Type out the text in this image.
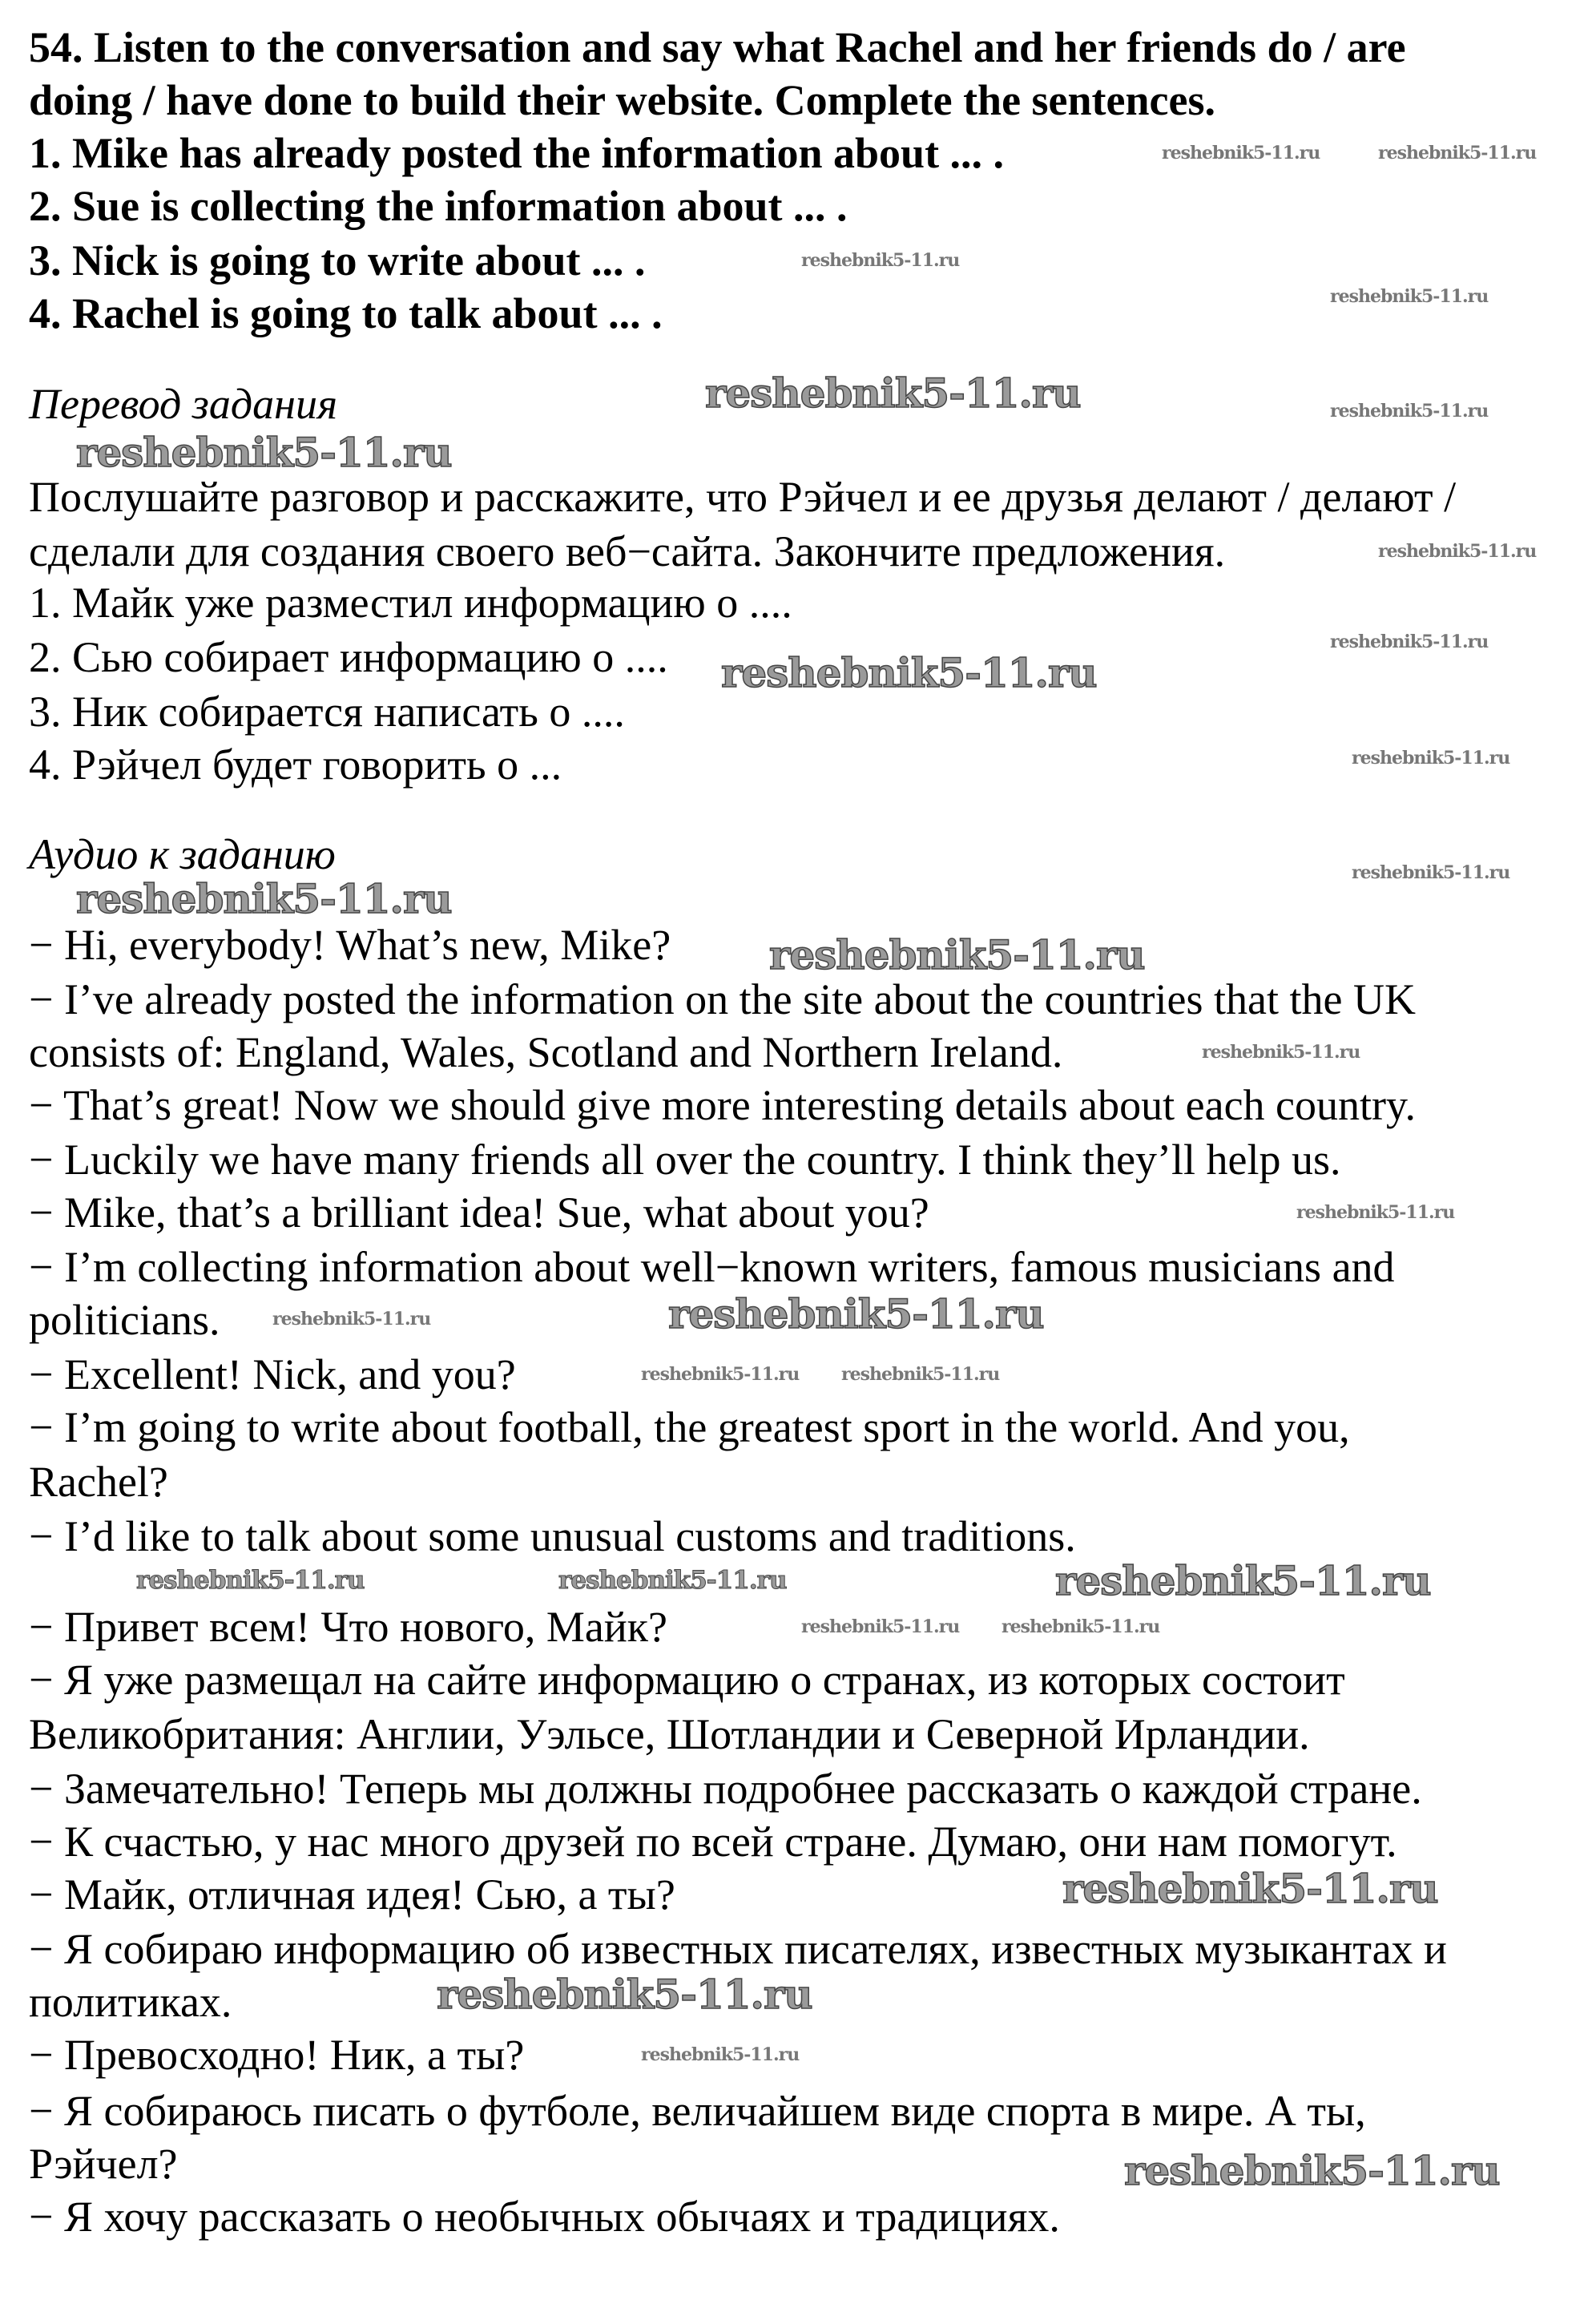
54. Listen to the conversation and say what Rachel and her friends do / are
doing / have done to build their website. Complete the sentences.
1. Mike has already posted the information about ... .
2. Sue is collecting the information about ... .
3. Nick is going to write about ... .
4. Rachel is going to talk about ... .
Перевод задания
Послушайте разговор и расскажите, что Рэйчел и ее друзья делают / делают /
сделали для создания своего веб−сайта. Закончите предложения.
1. Майк уже разместил информацию о ....
2. Сью собирает информацию о ....
3. Ник собирается написать о ....
4. Рэйчел будет говорить о ...
Аудио к заданию
− Hi, everybody! What’s new, Mike?
− I’ve already posted the information on the site about the countries that the UK
consists of: England, Wales, Scotland and Northern Ireland.
− That’s great! Now we should give more interesting details about each country.
− Luckily we have many friends all over the country. I think they’ll help us.
− Mike, that’s a brilliant idea! Sue, what about you?
− I’m collecting information about well−known writers, famous musicians and
politicians.
− Excellent! Nick, and you?
− I’m going to write about football, the greatest sport in the world. And you,
Rachel?
− I’d like to talk about some unusual customs and traditions.
− Привет всем! Что нового, Майк?
− Я уже размещал на сайте информацию о странах, из которых состоит
Великобритания: Англии, Уэльсе, Шотландии и Северной Ирландии.
− Замечательно! Теперь мы должны подробнее рассказать о каждой стране.
− К счастью, у нас много друзей по всей стране. Думаю, они нам помогут.
− Майк, отличная идея! Сью, а ты?
− Я собираю информацию об известных писателях, известных музыкантах и
политиках.
− Превосходно! Ник, а ты?
− Я собираюсь писать о футболе, величайшем виде спорта в мире. А ты,
Рэйчел?
− Я хочу рассказать о необычных обычаях и традициях.
reshebnik5-11.ru
reshebnik5-11.ru
reshebnik5-11.ru
reshebnik5-11.ru
reshebnik5-11.ru
reshebnik5-11.ru
reshebnik5-11.ru
reshebnik5-11.ru
reshebnik5-11.ru
reshebnik5-11.ru
reshebnik5-11.ru	reshebnik5-11.ru
reshebnik5-11.ru	reshebnik5-11.ru
reshebnik5-11.ru
reshebnik5-11.ru
reshebnik5-11.ru
reshebnik5-11.ru
reshebnik5-11.ru
reshebnik5-11.ru
reshebnik5-11.ru
reshebnik5-11.ru
reshebnik5-11.ru
reshebnik5-11.ru
reshebnik5-11.ru reshebnik5-11.ru
reshebnik5-11.ru reshebnik5-11.ru
reshebnik5-11.ru
